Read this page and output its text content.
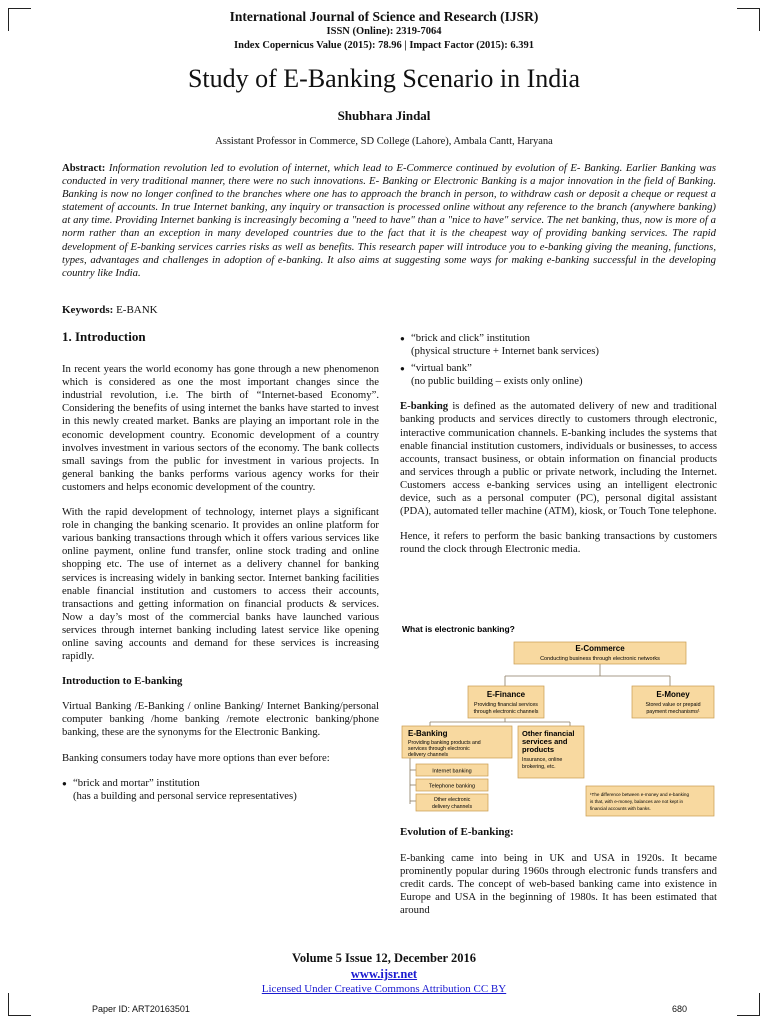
International Journal of Science and Research (IJSR)
ISSN (Online): 2319-7064
Index Copernicus Value (2015): 78.96 | Impact Factor (2015): 6.391
Study of E-Banking Scenario in India
Shubhara Jindal
Assistant Professor in Commerce, SD College (Lahore), Ambala Cantt, Haryana
Abstract: Information revolution led to evolution of internet, which lead to E-Commerce continued by evolution of E- Banking. Earlier Banking was conducted in very traditional manner, there were no such innovations. E- Banking or Electronic Banking is a major innovation in the field of Banking. Banking is now no longer confined to the branches where one has to approach the branch in person, to withdraw cash or deposit a cheque or request a statement of accounts. In true Internet banking, any inquiry or transaction is processed online without any reference to the branch (anywhere banking) at any time. Providing Internet banking is increasingly becoming a "need to have" than a "nice to have" service. The net banking, thus, now is more of a norm rather than an exception in many developed countries due to the fact that it is the cheapest way of providing banking services. The rapid development of E-banking services carries risks as well as benefits. This research paper will introduce you to e-banking giving the meaning, functions, types, advantages and challenges in adoption of e-banking. It also aims at suggesting some ways for making e-banking successful in the developing country like India.
Keywords: E-BANK

1. Introduction

In recent years the world economy has gone through a new phenomenon which is considered as one the most important changes since the industrial revolution, i.e. The birth of “Internet-based Economy”. Considering the benefits of using internet the banks have started to invest in this newly created market. Banks are playing an important role in the economic development country. Economic development of a country involves investment in various sectors of the economy. The bank collects small savings from the public for investment in various projects. In general banking the banks performs various agency works for their customers and helps economic development of the country.

With the rapid development of technology, internet plays a significant role in changing the banking scenario. It provides an online platform for various banking transactions through which it offers various services like online payment, online fund transfer, online stock trading and online shopping etc. The use of internet as a delivery channel for banking services is increasing widely in banking sector. Internet banking facilities enable financial institution and customers to access their accounts, transactions and getting information on financial products & services. Now a day’s most of the commercial banks have launched various services through internet banking including latest service like opening online saving accounts and demand for these services is increasing rapidly.

Introduction to E-banking

Virtual Banking /E-Banking / online Banking/ Internet Banking/personal computer banking /home banking /remote electronic banking/phone banking, these are the synonyms for the Electronic Banking.

Banking consumers today have more options than ever before:

● “brick and mortar” institution

(has a building and personal service representatives)

● “brick and click” institution

(physical structure + Internet bank services)

● “virtual bank”

(no public building – exists only online)

E-banking is defined as the automated delivery of new and traditional banking products and services directly to customers through electronic, interactive communication channels. E-banking includes the systems that enable financial institution customers, individuals or businesses, to access accounts, transact business, or obtain information on financial products and services through a public or private network, including the Internet. Customers access e-banking services using an intelligent electronic device, such as a personal computer (PC), personal digital assistant (PDA), automated teller machine (ATM), kiosk, or Touch Tone telephone.

Hence, it refers to perform the basic banking transactions by customers round the clock through Electronic media.

What is electronic banking?
E-Commerce
Conducting business through electronic networks
E-Finance
Providing financial services
through electronic channels
E-Money
Stored value or prepaid
payment mechanisms¹
E-Banking
Providing banking products and
services through electronic
delivery channels
Other financial
services and
products
Insurance, online
brokering, etc.
Internet banking
Telephone banking
Other electronic
delivery channels
¹The difference between e-money and e-banking
is that, with e-money, balances are not kept in
financial accounts with banks.
Evolution of E-banking:
E-banking came into being in UK and USA in 1920s. It became prominently popular during 1960s through electronic funds transfers and credit cards. The concept of web-based banking came into existence in Europe and USA in the beginning of 1980s. It has been estimated that around
Volume 5 Issue 12, December 2016
www.ijsr.net
Licensed Under Creative Commons Attribution CC BY
Paper ID: ART20163501	680
